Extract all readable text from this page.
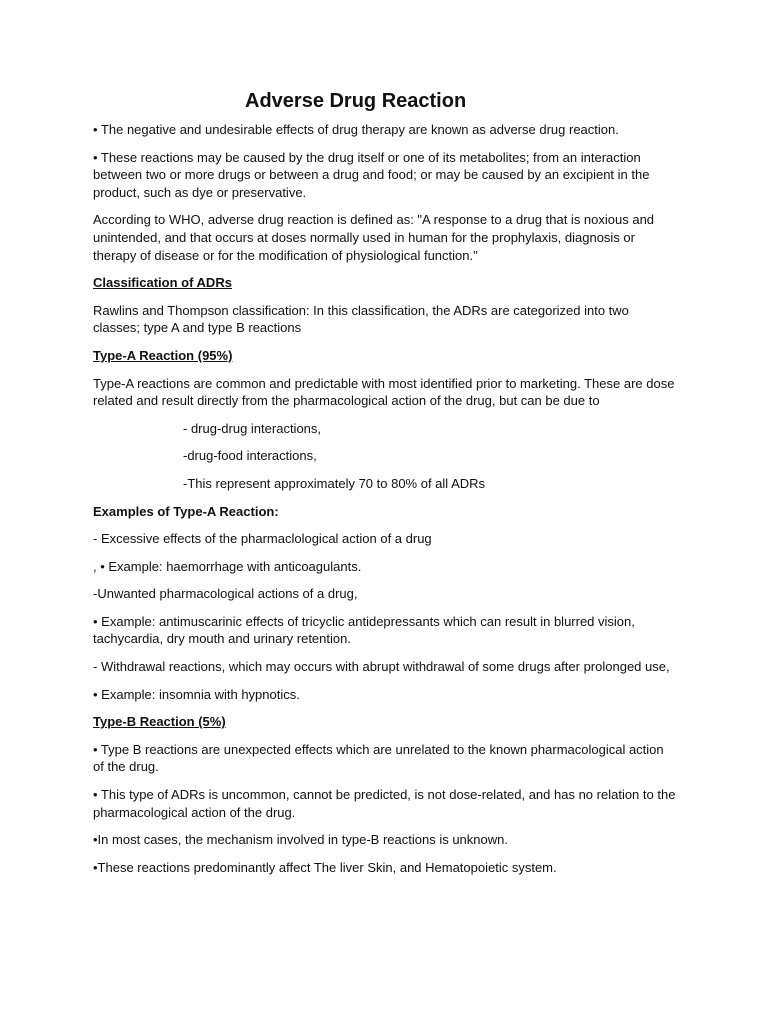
Adverse Drug Reaction

• The negative and undesirable effects of drug therapy are known as adverse drug reaction.

• These reactions may be caused by the drug itself or one of its metabolites; from an interaction between two or more drugs or between a drug and food; or may be caused by an excipient in the product, such as dye or preservative.

According to WHO, adverse drug reaction is defined as: "A response to a drug that is noxious and unintended, and that occurs at doses normally used in human for the prophylaxis, diagnosis or therapy of disease or for the modification of physiological function."

Classification of ADRs

Rawlins and Thompson classification: In this classification, the ADRs are categorized into two classes; type A and type B reactions

Type-A Reaction (95%)

Type-A reactions are common and predictable with most identified prior to marketing. These are dose related and result directly from the pharmacological action of the drug, but can be due to

- drug-drug interactions,

-drug-food interactions,

-This represent approximately 70 to 80% of all ADRs

Examples of Type-A Reaction:

- Excessive effects of the pharmaclological action of a drug

, • Example: haemorrhage with anticoagulants.

-Unwanted pharmacological actions of a drug,

• Example: antimuscarinic effects of tricyclic antidepressants which can result in blurred vision, tachycardia, dry mouth and urinary retention.

- Withdrawal reactions, which may occurs with abrupt withdrawal of some drugs after prolonged use,

• Example: insomnia with hypnotics.

Type-B Reaction (5%)

• Type B reactions are unexpected effects which are unrelated to the known pharmacological action of the drug.

• This type of ADRs is uncommon, cannot be predicted, is not dose-related, and has no relation to the pharmacological action of the drug.

•In most cases, the mechanism involved in type-B reactions is unknown.

•These reactions predominantly affect The liver Skin, and Hematopoietic system.
